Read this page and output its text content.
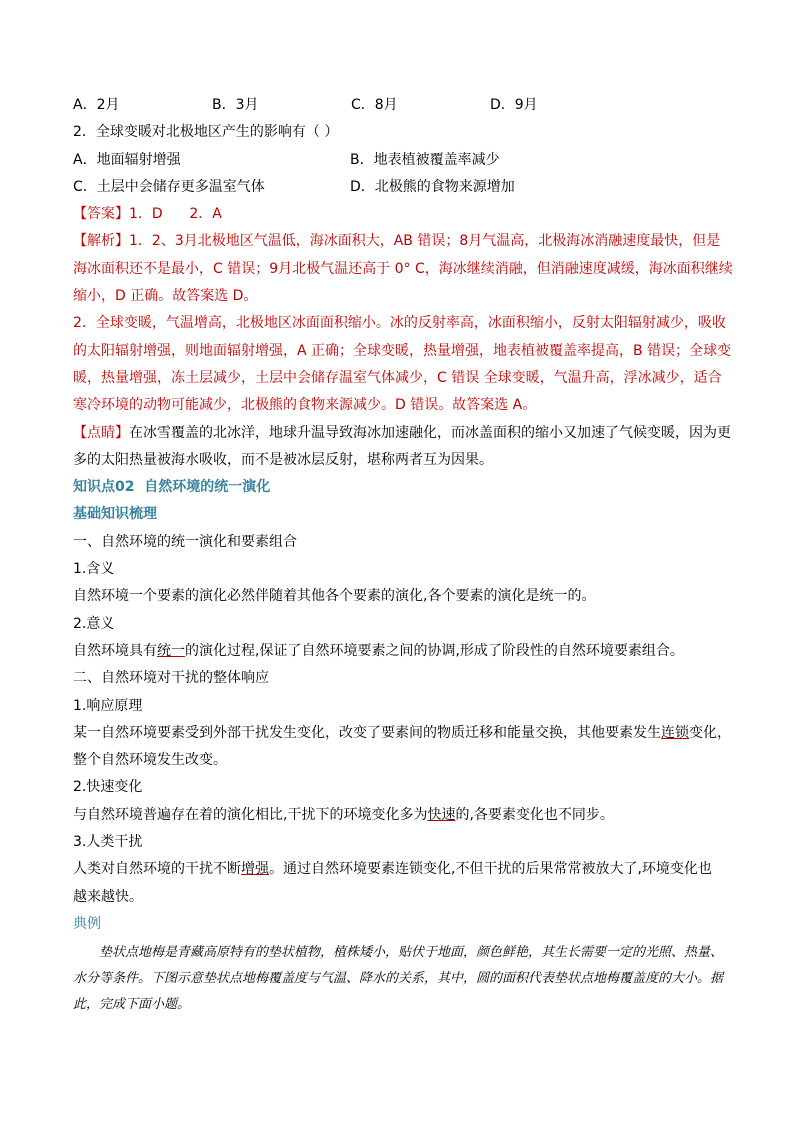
A．2月	B．3月	C．8月	D．9月
2．全球变暖对北极地区产生的影响有（ ）
A．地面辐射增强	B．地表植被覆盖率减少
C．土层中会储存更多温室气体	D．北极熊的食物来源增加
【答案】1．D      2．A
【解析】1．2、3月北极地区气温低，海冰面积大，AB 错误；8月气温高，北极海冰消融速度最快，但是海冰面积还不是最小，C 错误；9月北极气温还高于 0° C，海冰继续消融，但消融速度减缓，海冰面积继续缩小，D 正确。故答案选 D。
2．全球变暖，气温增高，北极地区冰面面积缩小。冰的反射率高，冰面积缩小，反射太阳辐射减少，吸收的太阳辐射增强，则地面辐射增强，A 正确；全球变暖，热量增强，地表植被覆盖率提高，B 错误；全球变暖，热量增强，冻土层减少，土层中会储存温室气体减少，C 错误 全球变暖，气温升高，浮冰减少，适合寒冷环境的动物可能减少，北极熊的食物来源减少。D 错误。故答案选 A。
【点睛】在冰雪覆盖的北冰洋，地球升温导致海冰加速融化，而冰盖面积的缩小又加速了气候变暖，因为更多的太阳热量被海水吸收，而不是被冰层反射，堪称两者互为因果。
知识点02  自然环境的统一演化
基础知识梳理
一、自然环境的统一演化和要素组合
1.含义
自然环境一个要素的演化必然伴随着其他各个要素的演化,各个要素的演化是统一的。
2.意义
自然环境具有统一的演化过程,保证了自然环境要素之间的协调,形成了阶段性的自然环境要素组合。
二、自然环境对干扰的整体响应
1.响应原理
某一自然环境要素受到外部干扰发生变化，改变了要素间的物质迁移和能量交换，其他要素发生连锁变化，
整个自然环境发生改变。
2.快速变化
与自然环境普遍存在着的演化相比,干扰下的环境变化多为快速的,各要素变化也不同步。
3.人类干扰
人类对自然环境的干扰不断增强。通过自然环境要素连锁变化,不但干扰的后果常常被放大了,环境变化也
越来越快。
典例
垫状点地梅是青藏高原特有的垫状植物，植株矮小，贴伏于地面，颜色鲜艳，其生长需要一定的光照、热量、水分等条件。下图示意垫状点地梅覆盖度与气温、降水的关系，其中，圆的面积代表垫状点地梅覆盖度的大小。据此，完成下面小题。
